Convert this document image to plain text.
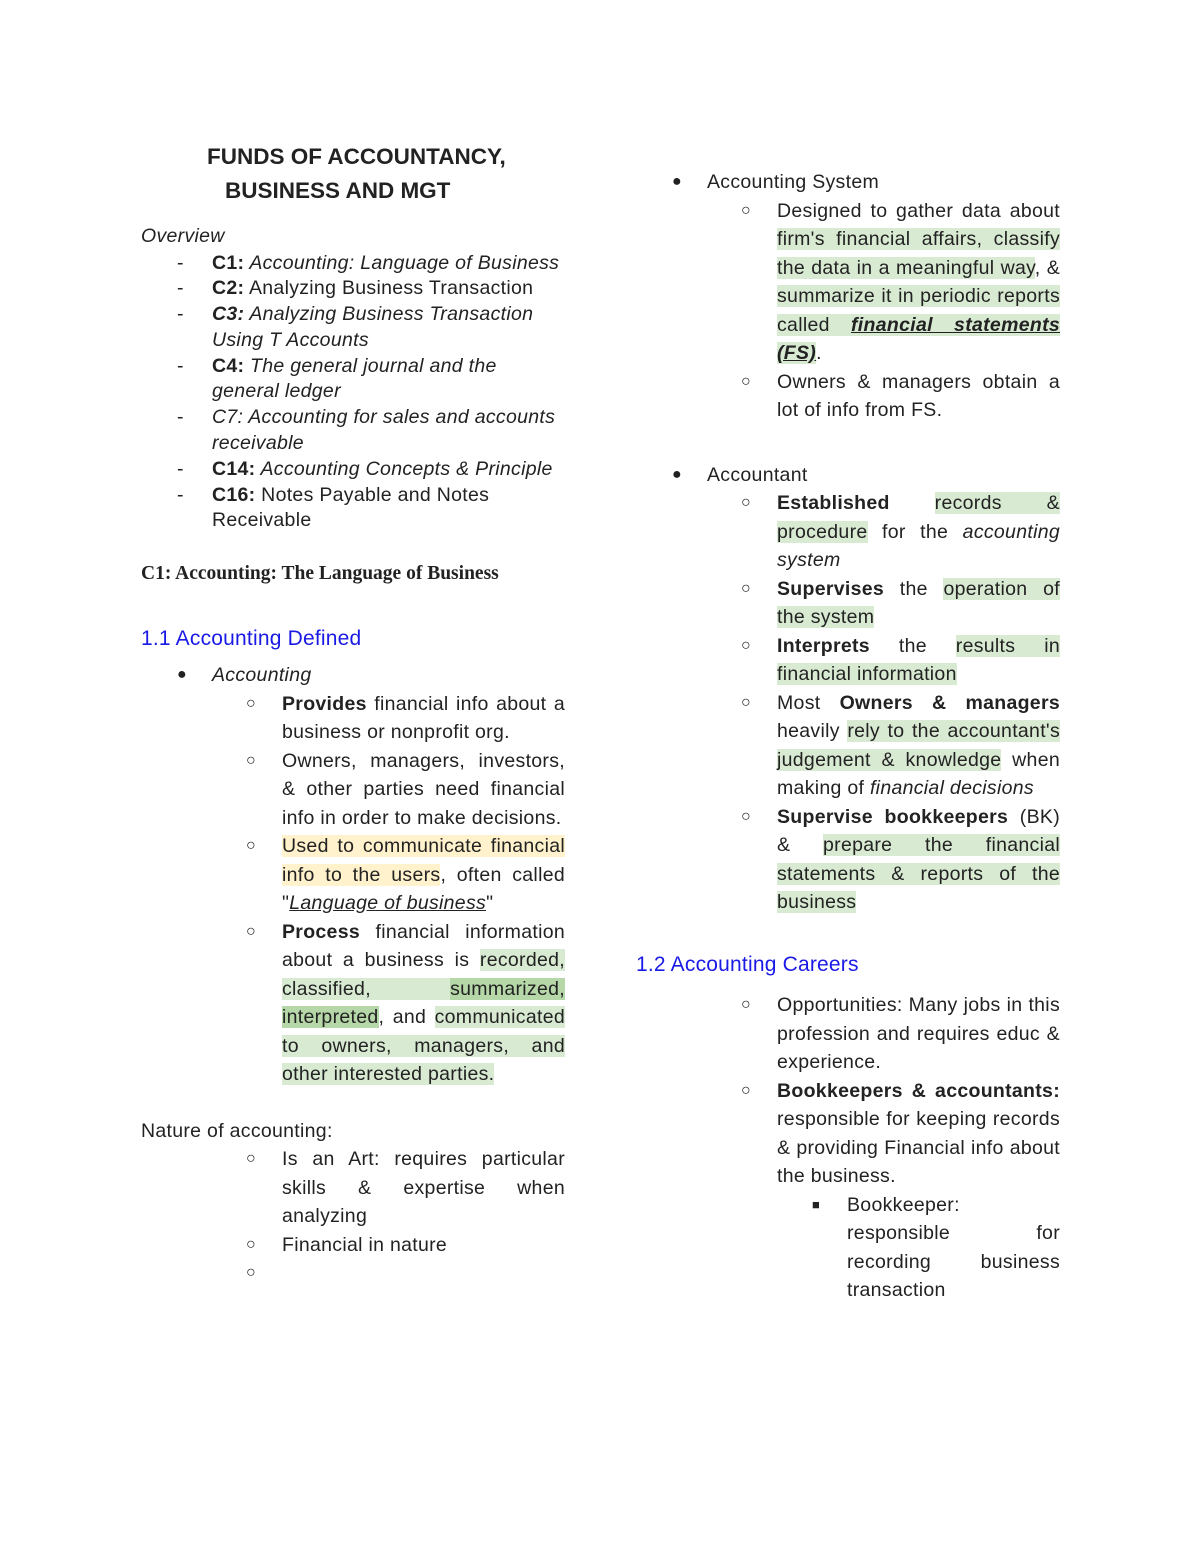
FUNDS OF ACCOUNTANCY,
BUSINESS AND MGT
Overview
- C1: Accounting: Language of Business
- C2: Analyzing Business Transaction
- C3: Analyzing Business Transaction Using T Accounts
- C4: The general journal and the general ledger
- C7: Accounting for sales and accounts receivable
- C14: Accounting Concepts & Principle
- C16: Notes Payable and Notes Receivable
C1: Accounting: The Language of Business
1.1 Accounting Defined
● Accounting
○ Provides financial info about a business or nonprofit org.
○ Owners, managers, investors, & other parties need financial info in order to make decisions.
○ Used to communicate financial info to the users, often called "Language of business"
○ Process financial information about a business is recorded, classified, summarized, interpreted, and communicated to owners, managers, and other interested parties.
Nature of accounting:
○ Is an Art: requires particular skills & expertise when analyzing
○ Financial in nature
○
● Accounting System
○ Designed to gather data about firm's financial affairs, classify the data in a meaningful way, & summarize it in periodic reports called financial statements (FS).
○ Owners & managers obtain a lot of info from FS.
● Accountant
○ Established records & procedure for the accounting system
○ Supervises the operation of the system
○ Interprets the results in financial information
○ Most Owners & managers heavily rely to the accountant's judgement & knowledge when making of financial decisions
○ Supervise bookkeepers (BK) & prepare the financial statements & reports of the business
1.2 Accounting Careers
○ Opportunities: Many jobs in this profession and requires educ & experience.
○ Bookkeepers & accountants: responsible for keeping records & providing Financial info about the business.
■ Bookkeeper: responsible for recording business transaction
